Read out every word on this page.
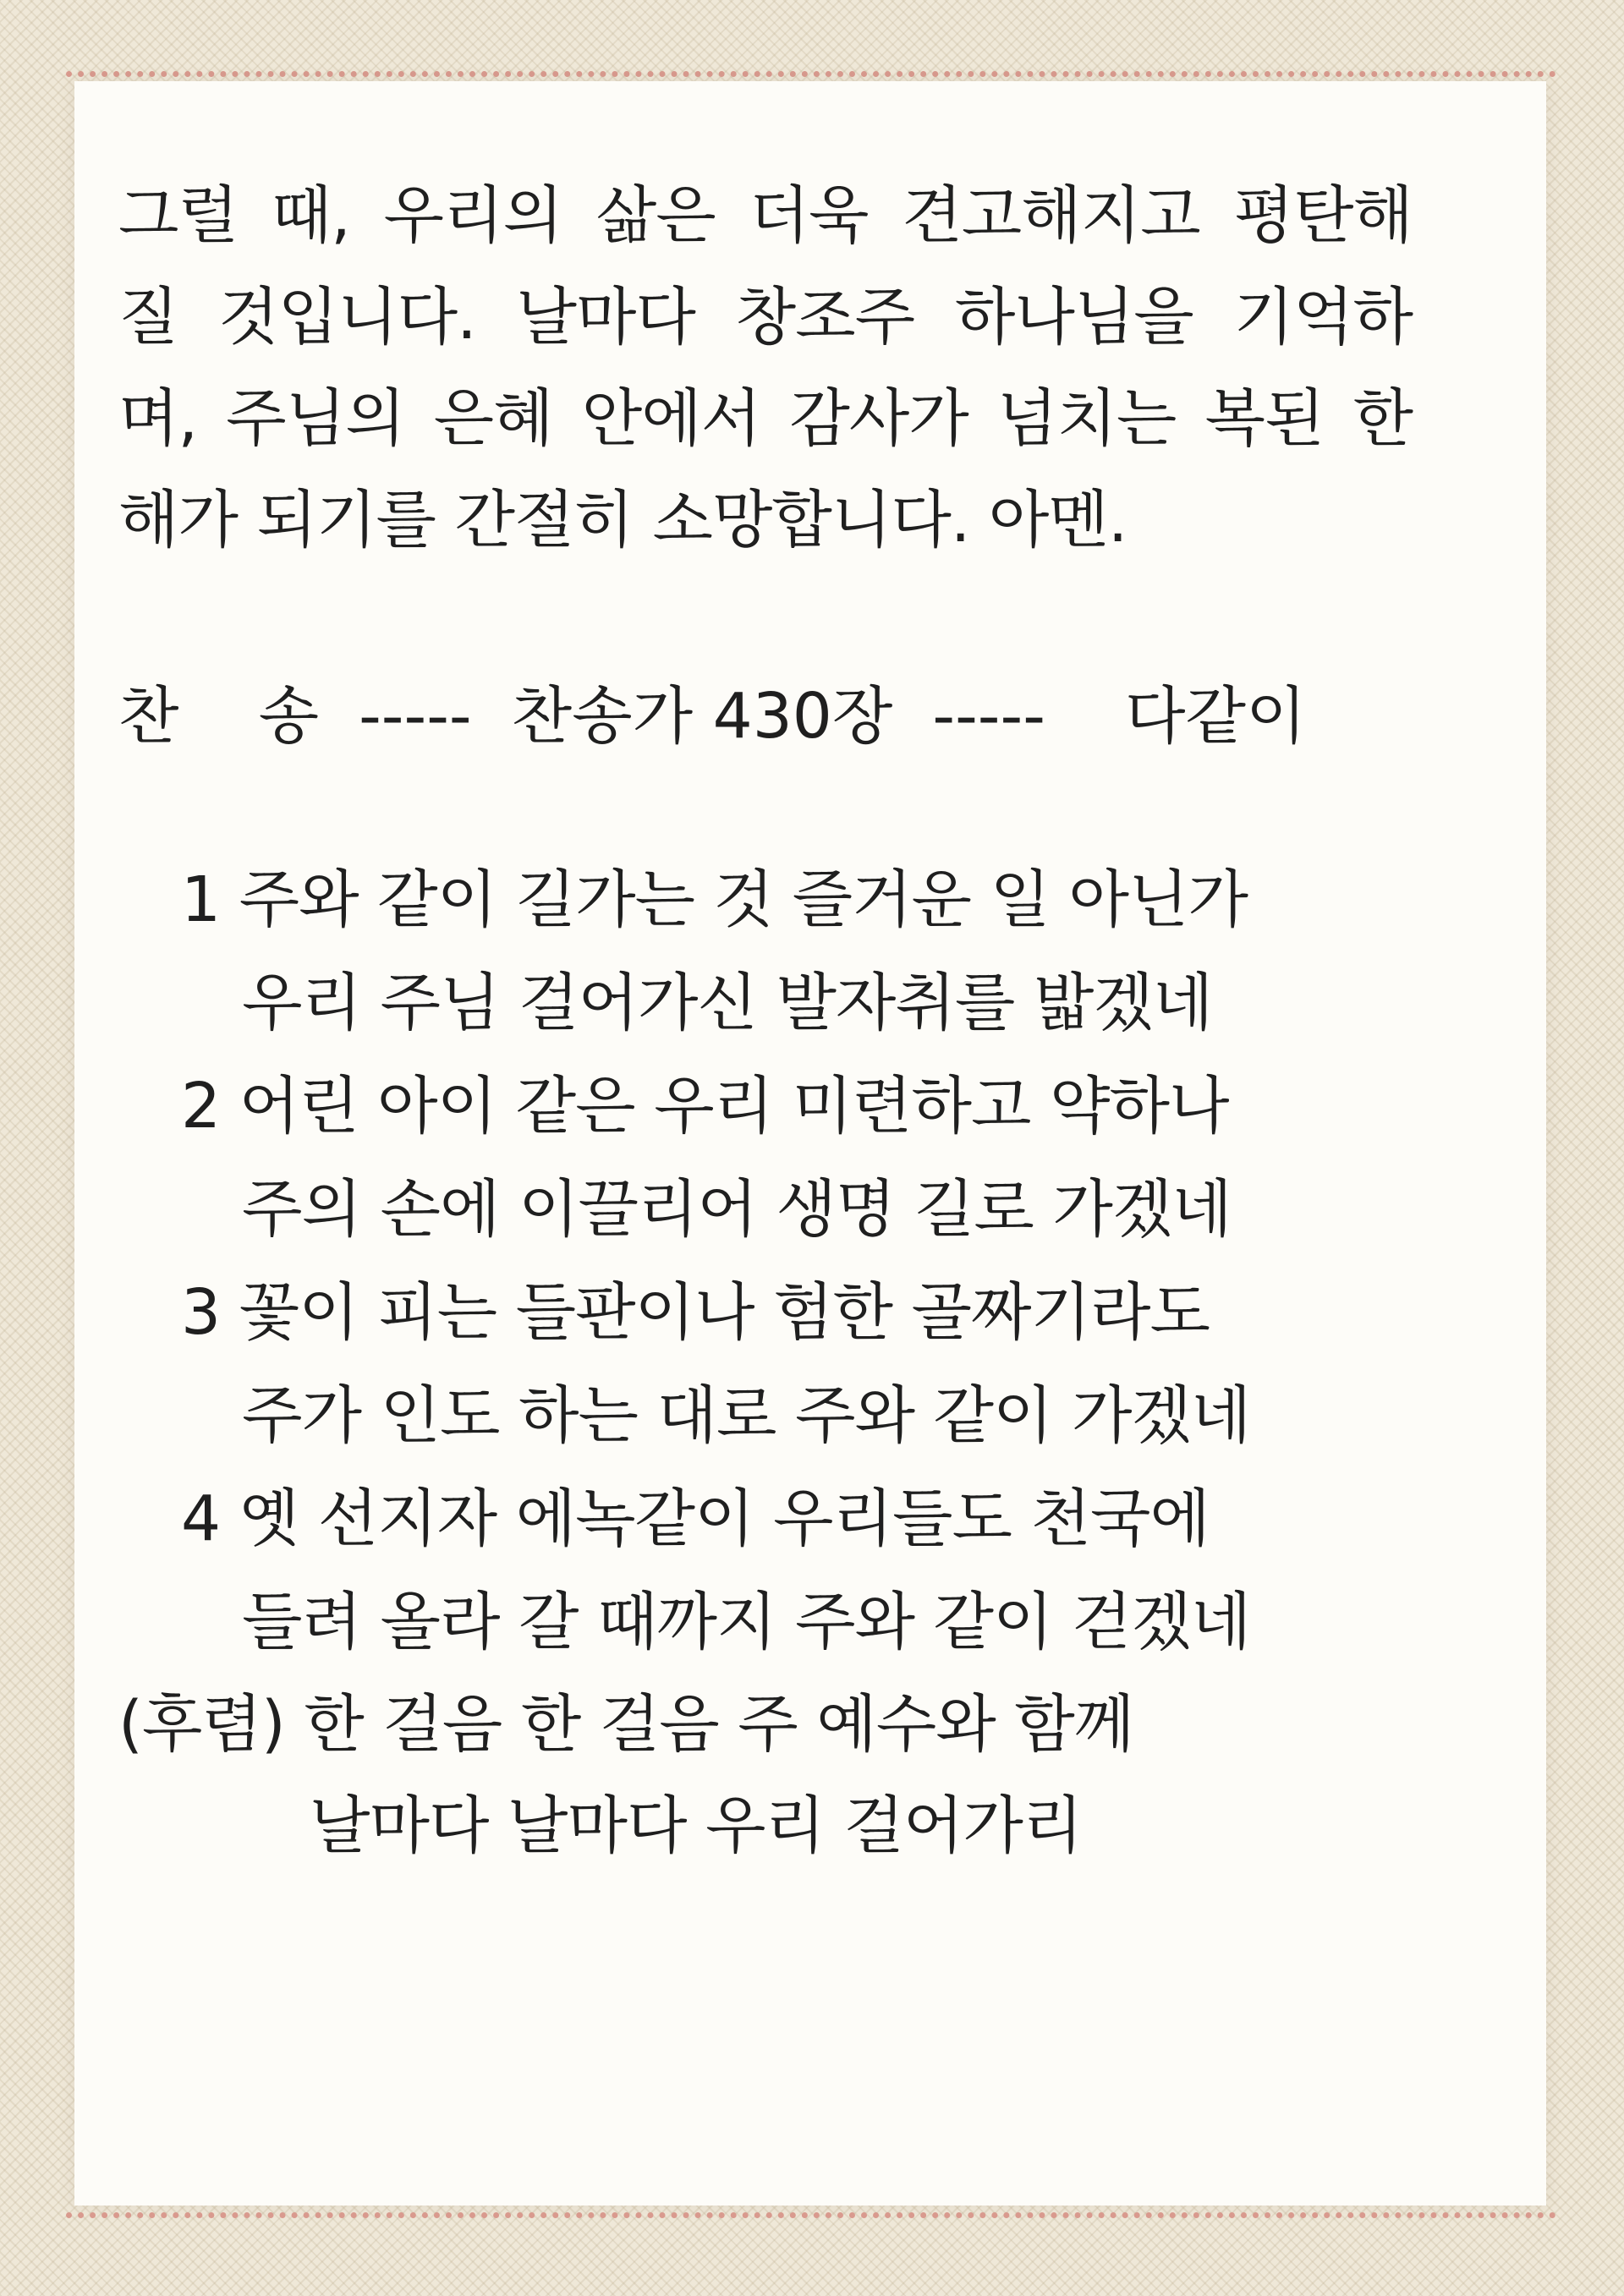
그럴 때, 우리의 삶은 더욱 견고해지고 평탄해
질 것입니다. 날마다 창조주 하나님을 기억하
며, 주님의 은혜 안에서 감사가 넘치는 복된 한
해가 되기를 간절히 소망합니다. 아멘.
찬    송  -----  찬송가 430장  -----    다같이
1 주와 같이 길가는 것 즐거운 일 아닌가
우리 주님 걸어가신 발자취를 밟겠네
2 어린 아이 같은 우리 미련하고 약하나
주의 손에 이끌리어 생명 길로 가겠네
3 꽃이 피는 들판이나 험한 골짜기라도
주가 인도 하는 대로 주와 같이 가겠네
4 옛 선지자 에녹같이 우리들도 천국에
들려 올라 갈 때까지 주와 같이 걷겠네
(후렴) 한 걸음 한 걸음 주 예수와 함께
날마다 날마다 우리 걸어가리
